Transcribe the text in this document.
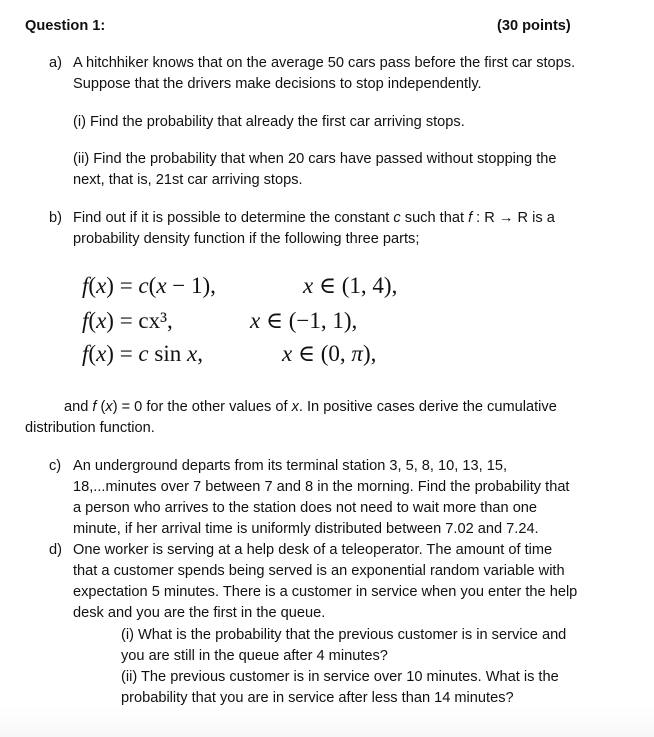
Question 1:	(30 points)
a) A hitchhiker knows that on the average 50 cars pass before the first car stops.
Suppose that the drivers make decisions to stop independently.
(i) Find the probability that already the first car arriving stops.
(ii) Find the probability that when 20 cars have passed without stopping the
next, that is, 21st car arriving stops.
b) Find out if it is possible to determine the constant c such that f : R → R is a
probability density function if the following three parts;
f(x) = c(x − 1),	x ∈ (1, 4),
f(x) = cx³,	x ∈ (−1, 1),
f(x) = c sin x,	x ∈ (0, π),
and f (x) = 0 for the other values of x. In positive cases derive the cumulative
distribution function.
c) An underground departs from its terminal station 3, 5, 8, 10, 13, 15,
18,...minutes over 7 between 7 and 8 in the morning. Find the probability that
a person who arrives to the station does not need to wait more than one
minute, if her arrival time is uniformly distributed between 7.02 and 7.24.
d) One worker is serving at a help desk of a teleoperator. The amount of time
that a customer spends being served is an exponential random variable with
expectation 5 minutes. There is a customer in service when you enter the help
desk and you are the first in the queue.
(i) What is the probability that the previous customer is in service and
you are still in the queue after 4 minutes?
(ii) The previous customer is in service over 10 minutes. What is the
probability that you are in service after less than 14 minutes?
